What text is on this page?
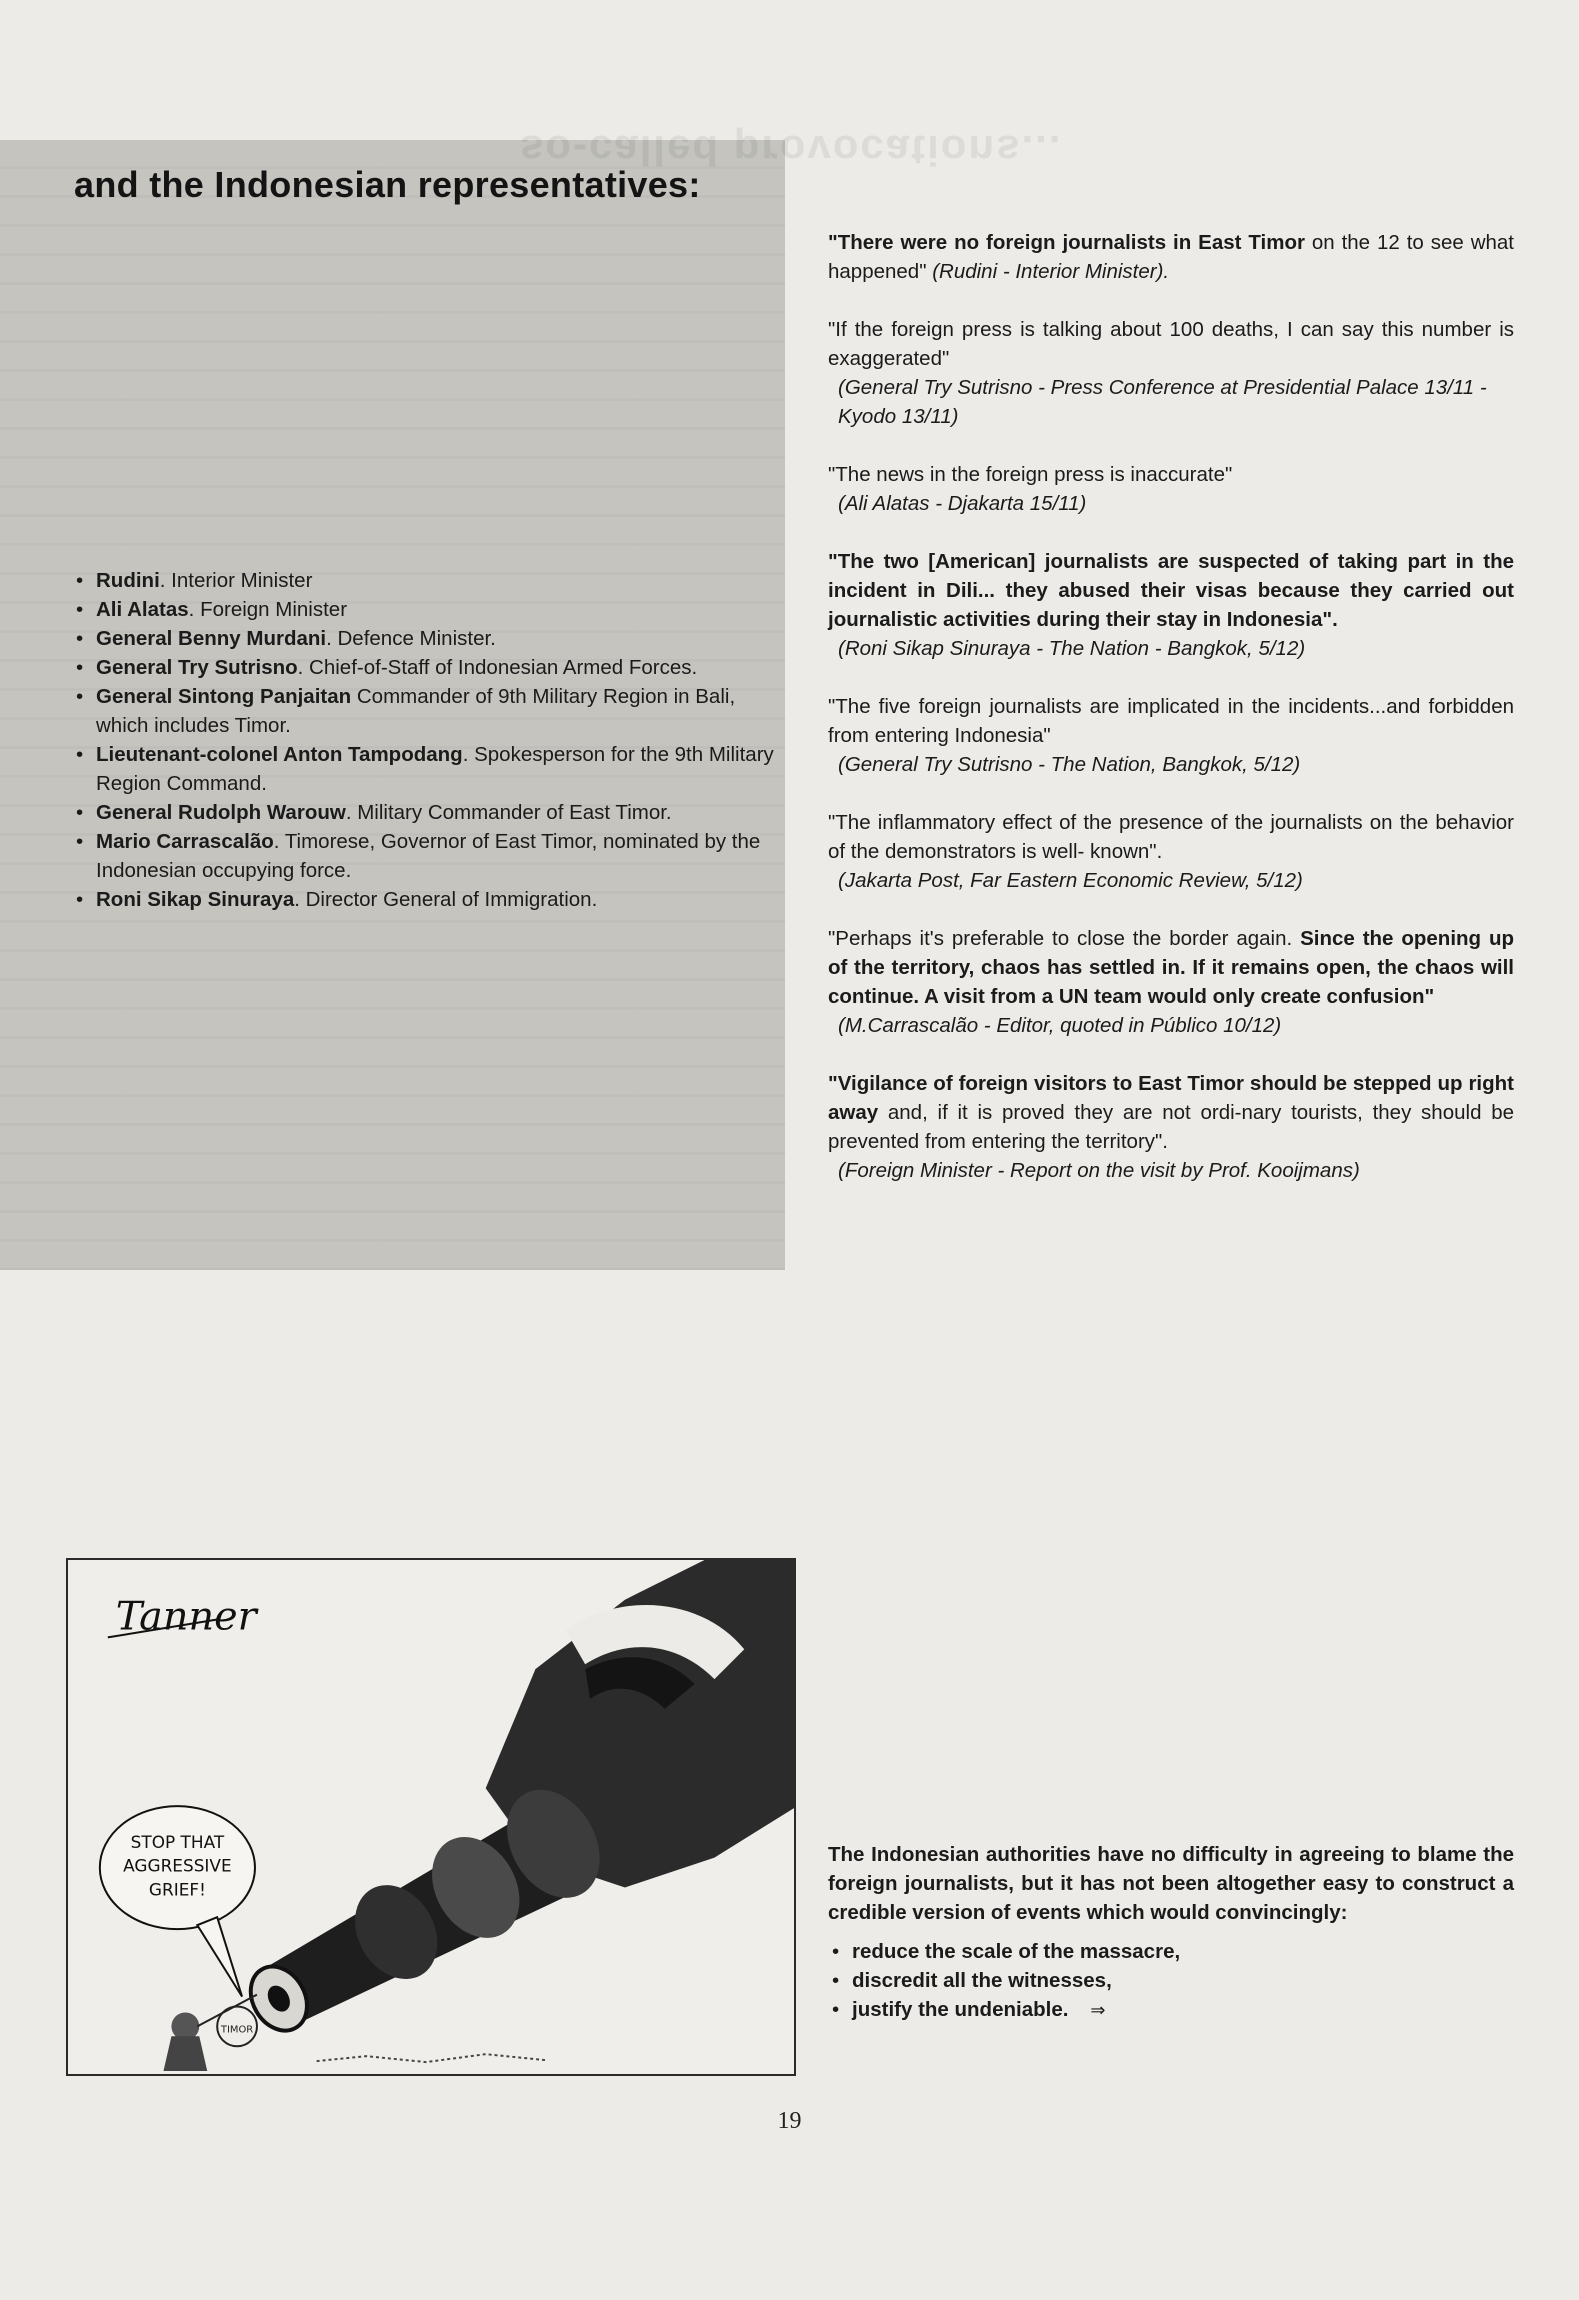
so-called provocations...
and the Indonesian representatives:
• Rudini. Interior Minister
• Ali Alatas. Foreign Minister
• General Benny Murdani. Defence Minister.
• General Try Sutrisno. Chief-of-Staff of Indonesian Armed Forces.
• General Sintong Panjaitan Commander of 9th Military Region in Bali, which includes Timor.
• Lieutenant-colonel Anton Tampodang. Spokesperson for the 9th Military Region Command.
• General Rudolph Warouw. Military Commander of East Timor.
• Mario Carrascalão. Timorese, Governor of East Timor, nominated by the Indonesian occupying force.
• Roni Sikap Sinuraya. Director General of Immigration.
"There were no foreign journalists in East Timor on the 12 to see what happened" (Rudini - Interior Minister).
"If the foreign press is talking about 100 deaths, I can say this number is exaggerated"
(General Try Sutrisno - Press Conference at Presidential Palace 13/11 - Kyodo 13/11)
"The news in the foreign press is inaccurate"
(Ali Alatas - Djakarta 15/11)
"The two [American] journalists are suspected of taking part in the incident in Dili... they abused their visas because they carried out journalistic activities during their stay in Indonesia".
(Roni Sikap Sinuraya - The Nation - Bangkok, 5/12)
"The five foreign journalists are implicated in the incidents...and forbidden from entering Indonesia"
(General Try Sutrisno - The Nation, Bangkok, 5/12)
"The inflammatory effect of the presence of the journalists on the behavior of the demonstrators is well- known".
(Jakarta Post, Far Eastern Economic Review, 5/12)
"Perhaps it's preferable to close the border again. Since the opening up of the territory, chaos has settled in. If it remains open, the chaos will continue. A visit from a UN team would only create confusion"
(M.Carrascalão - Editor, quoted in Público 10/12)
"Vigilance of foreign visitors to East Timor should be stepped up right away and, if it is proved they are not ordi-nary tourists, they should be prevented from entering the territory".
(Foreign Minister - Report on the visit by Prof. Kooijmans)
Tanner
STOP THAT
AGGRESSIVE
GRIEF!
TIMOR

The Indonesian authorities have no difficulty in agreeing to blame the foreign journalists, but it has not been altogether easy to construct a credible version of events which would convincingly:

• reduce the scale of the massacre,
• discredit all the witnesses,
• justify the undeniable. ⇒
19
